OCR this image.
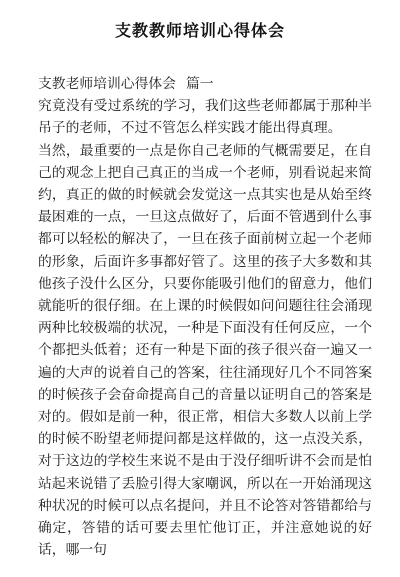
支教教师培训心得体会

支教老师培训心得体会 篇一

究竟没有受过系统的学习，我们这些老师都属于那种半吊子的老师，不过不管怎么样实践才能出得真理。

当然，最重要的一点是你自己老师的气概需要足，在自己的观念上把自己真正的当成一个老师，别看说起来简约，真正的做的时候就会发觉这一点其实也是从始至终最困难的一点，一旦这点做好了，后面不管遇到什么事都可以轻松的解决了，一旦在孩子面前树立起一个老师的形象，后面许多事都好管了。这里的孩子大多数和其他孩子没什么区分，只要你能吸引他们的留意力，他们就能听的很仔细。在上课的时候假如问问题往往会涌现两种比较极端的状况，一种是下面没有任何反应，一个个都把头低着；还有一种是下面的孩子很兴奋一遍又一遍的大声的说着自己的答案，往往涌现好几个不同答案的时候孩子会奋命提高自己的音量以证明自己的答案是对的。假如是前一种，很正常，相信大多数人以前上学的时候不盼望老师提问都是这样做的，这一点没关系，对于这边的学校生来说不是由于没仔细听讲不会而是怕站起来说错了丢脸引得大家嘲讽，所以在一开始涌现这种状况的时候可以点名提问，并且不论答对答错都给与确定，答错的话可要去里忙他订正，并注意她说的好话，哪一句
